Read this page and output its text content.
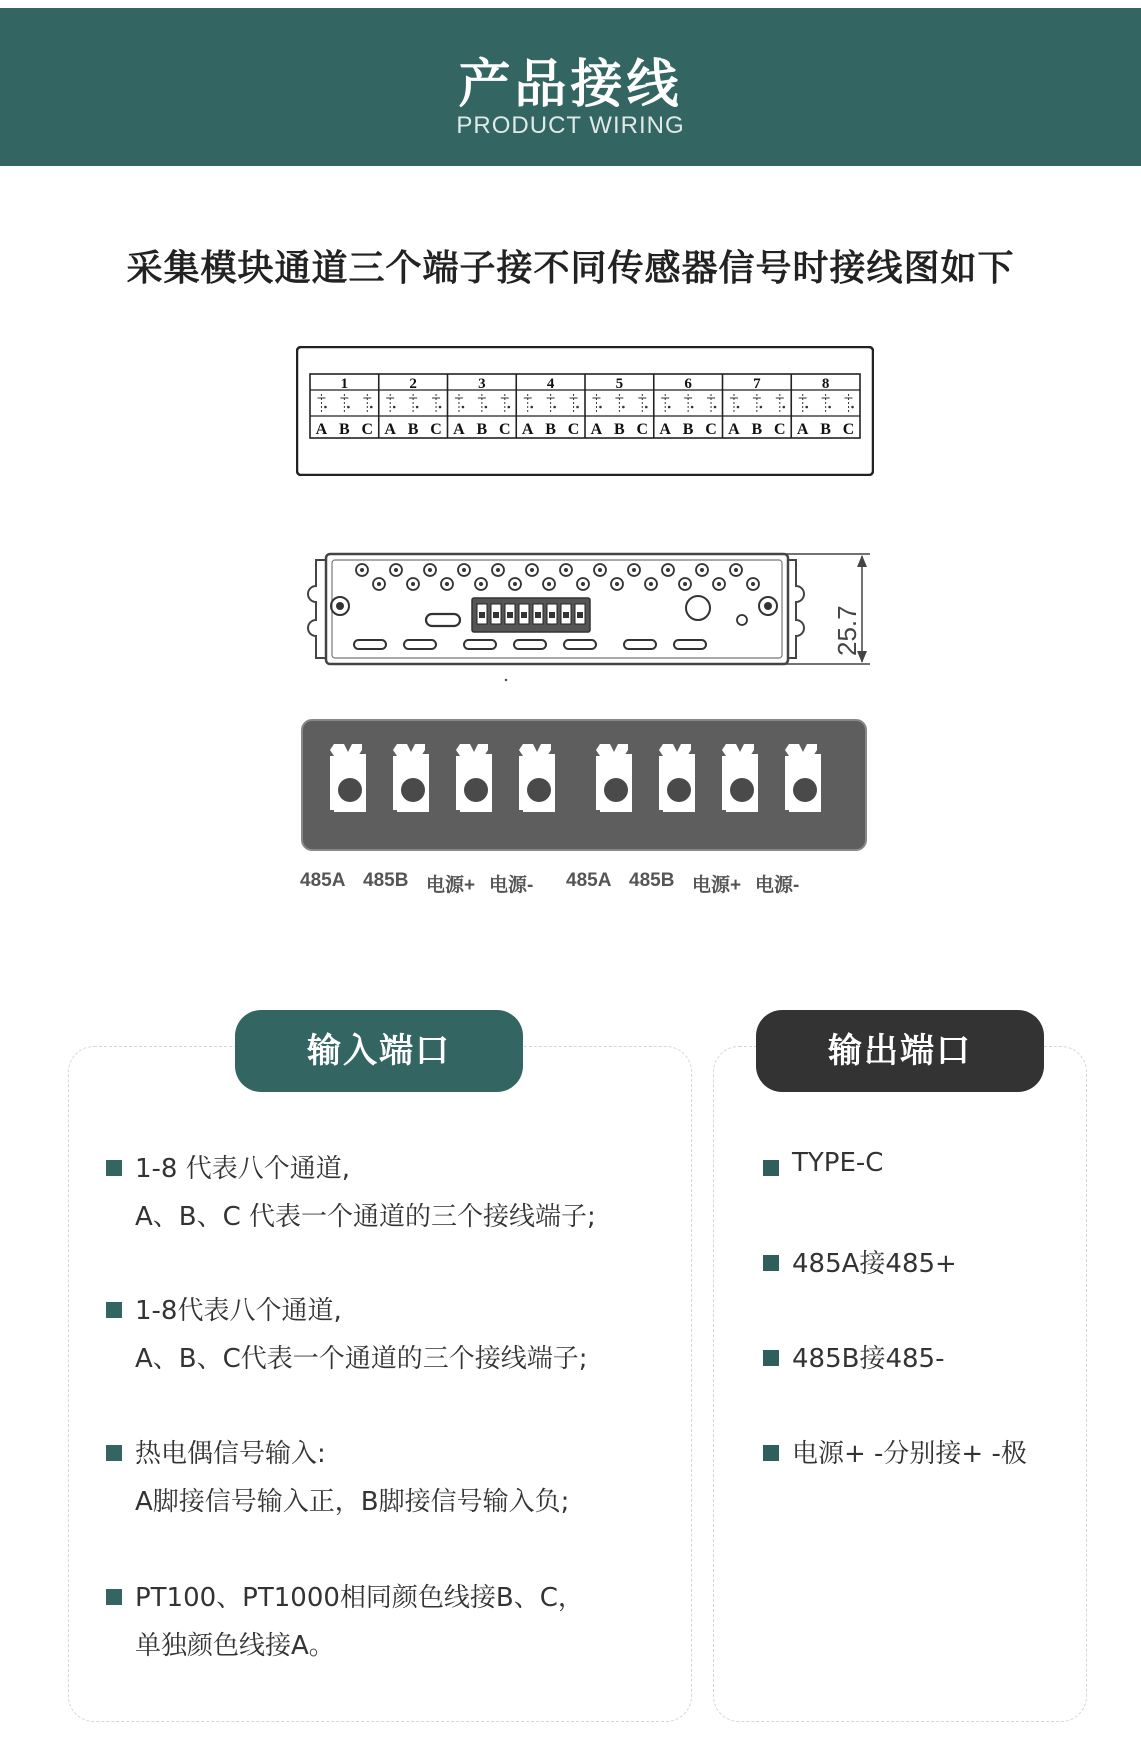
产品接线
PRODUCT WIRING
采集模块通道三个端子接不同传感器信号时接线图如下
1
A B C
2
A B C
3
A B C
4
A B C
5
A B C
6
A B C
7
A B C
8
A B C
25.7
485A 485B 电源+ 电源- 485A 485B 电源+ 电源-
输入端口	输出端口
1-8 代表八个通道,
A、B、C 代表一个通道的三个接线端子;
1-8代表八个通道,
A、B、C代表一个通道的三个接线端子;
热电偶信号输入:
A脚接信号输入正，B脚接信号输入负;
PT100、PT1000相同颜色线接B、C，
单独颜色线接A。
TYPE-C
485A接485+
485B接485-
电源+ -分别接+ -极
